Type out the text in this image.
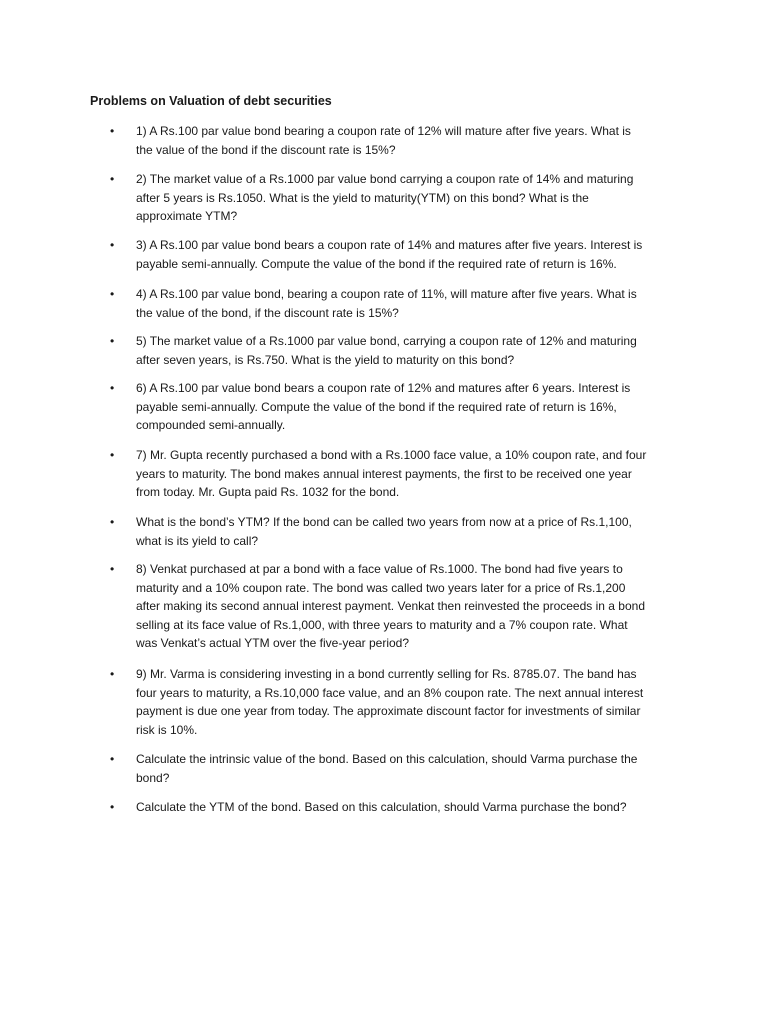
Problems on Valuation of debt securities
•	1) A Rs.100 par value bond bearing a coupon rate of 12% will mature after five years. What is
the value of the bond if the discount rate is 15%?
•	2) The market value of a Rs.1000 par value bond carrying a coupon rate of 14% and maturing
after 5 years is Rs.1050. What is the yield to maturity(YTM) on this bond? What is the
approximate YTM?
•	3) A Rs.100 par value bond bears a coupon rate of 14% and matures after five years. Interest is
payable semi-annually. Compute the value of the bond if the required rate of return is 16%.
•	4) A Rs.100 par value bond, bearing a coupon rate of 11%, will mature after five years. What is
the value of the bond, if the discount rate is 15%?
•	5) The market value of a Rs.1000 par value bond, carrying a coupon rate of 12% and maturing
after seven years, is Rs.750. What is the yield to maturity on this bond?
•	6) A Rs.100 par value bond bears a coupon rate of 12% and matures after 6 years. Interest is
payable semi-annually. Compute the value of the bond if the required rate of return is 16%,
compounded semi-annually.
•	7) Mr. Gupta recently purchased a bond with a Rs.1000 face value, a 10% coupon rate, and four
years to maturity. The bond makes annual interest payments, the first to be received one year
from today. Mr. Gupta paid Rs. 1032 for the bond.
•	What is the bond’s YTM? If the bond can be called two years from now at a price of Rs.1,100,
what is its yield to call?
•	8) Venkat purchased at par a bond with a face value of Rs.1000. The bond had five years to
maturity and a 10% coupon rate. The bond was called two years later for a price of Rs.1,200
after making its second annual interest payment. Venkat then reinvested the proceeds in a bond
selling at its face value of Rs.1,000, with three years to maturity and a 7% coupon rate. What
was Venkat’s actual YTM over the five-year period?
•	9) Mr. Varma is considering investing in a bond currently selling for Rs. 8785.07. The band has
four years to maturity, a Rs.10,000 face value, and an 8% coupon rate. The next annual interest
payment is due one year from today. The approximate discount factor for investments of similar
risk is 10%.
•	Calculate the intrinsic value of the bond. Based on this calculation, should Varma purchase the
bond?
•	Calculate the YTM of the bond. Based on this calculation, should Varma purchase the bond?
